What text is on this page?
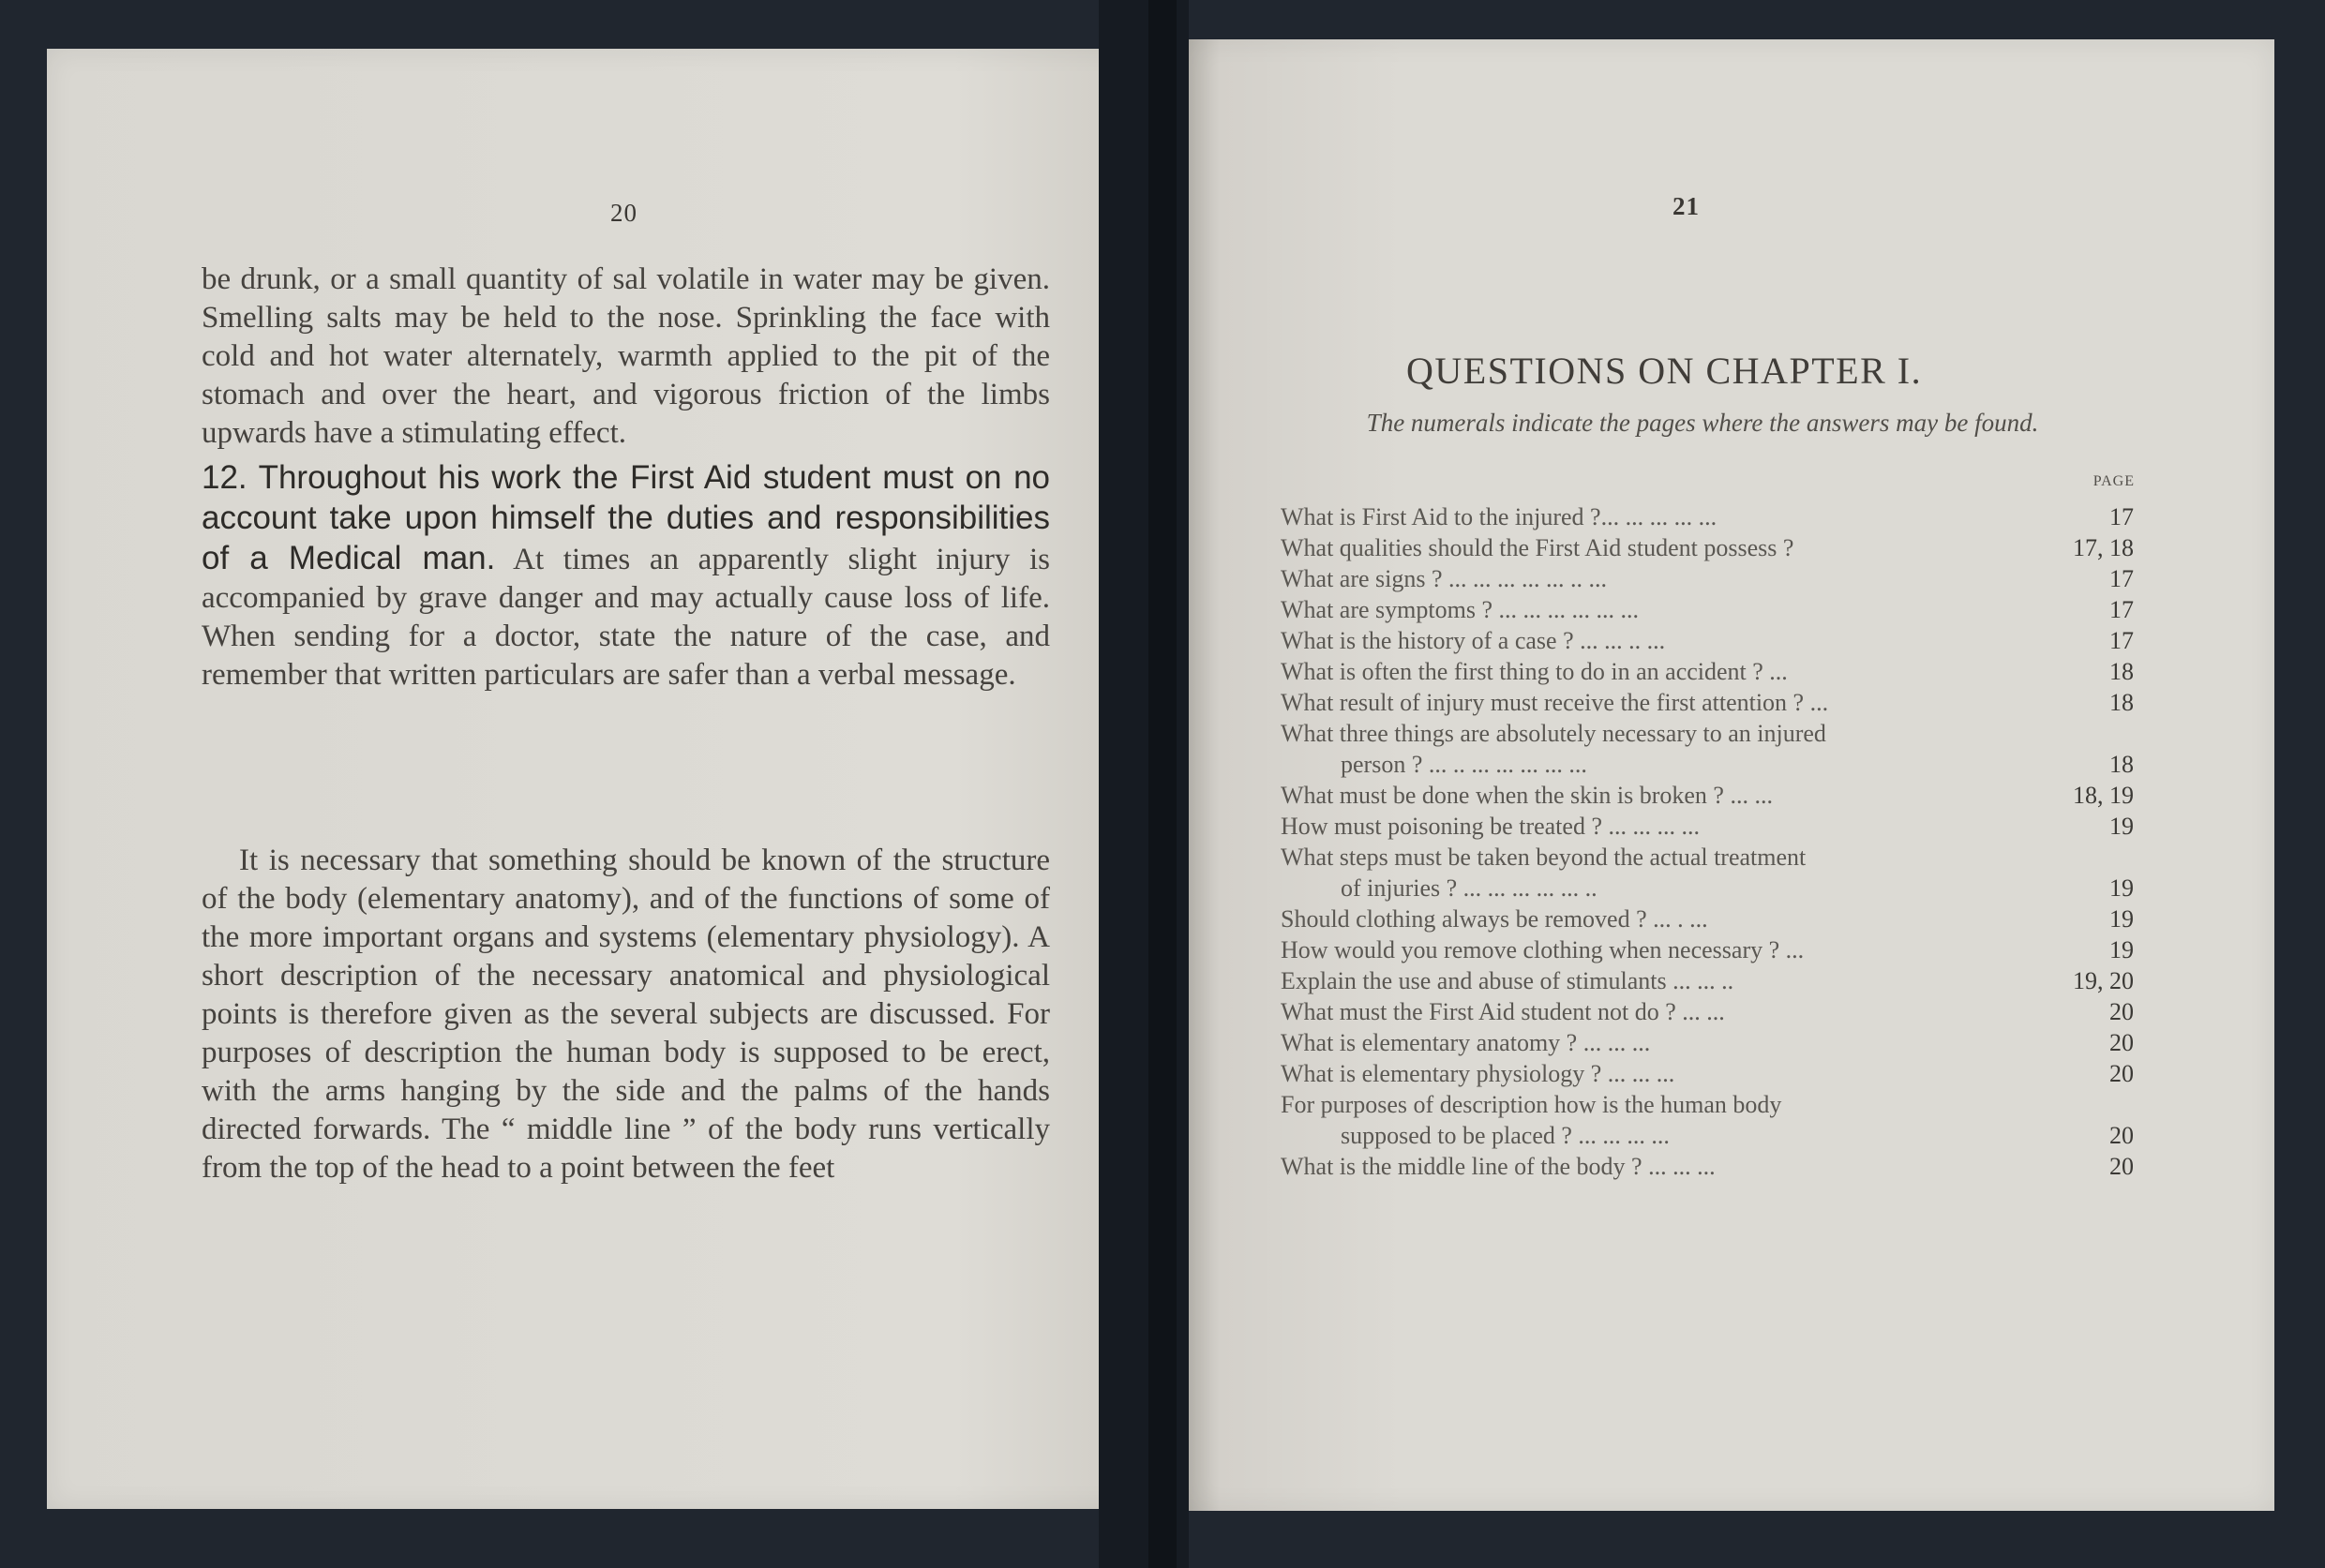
20

be drunk, or a small quantity of sal volatile in water may be given. Smelling salts may be held to the nose. Sprinkling the face with cold and hot water alternately, warmth applied to the pit of the stomach and over the heart, and vigorous friction of the limbs upwards have a stimulating effect.

12. Throughout his work the First Aid student must on no account take upon himself the duties and responsibilities of a Medical man. At times an apparently slight injury is accompanied by grave danger and may actually cause loss of life. When sending for a doctor, state the nature of the case, and remember that written particulars are safer than a verbal message.

It is necessary that something should be known of the structure of the body (elementary anatomy), and of the functions of some of the more important organs and systems (elementary physiology). A short description of the necessary anatomical and physiological points is therefore given as the several subjects are discussed. For purposes of description the human body is supposed to be erect, with the arms hanging by the side and the palms of the hands directed forwards. The “ middle line ” of the body runs vertically from the top of the head to a point between the feet

21
QUESTIONS ON CHAPTER I.
The numerals indicate the pages where the answers may be found.
PAGE
What is First Aid to the injured ?... ... ... ... ...	17
What qualities should the First Aid student possess ?	17, 18
What are signs ? ... ... ... ... ... .. ...	17
What are symptoms ? ... ... ... ... ... ...	17
What is the history of a case ? ... ... .. ...	17
What is often the first thing to do in an accident ? ...	18
What result of injury must receive the first attention ? ...	18
What three things are absolutely necessary to an injured
person ? ... .. ... ... ... ... ...	18
What must be done when the skin is broken ? ... ...	18, 19
How must poisoning be treated ? ... ... ... ...	19
What steps must be taken beyond the actual treatment
of injuries ? ... ... ... ... ... ..	19
Should clothing always be removed ? ... . ...	19
How would you remove clothing when necessary ? ...	19
Explain the use and abuse of stimulants ... ... ..	19, 20
What must the First Aid student not do ? ... ...	20
What is elementary anatomy ? ... ... ...	20
What is elementary physiology ? ... ... ...	20
For purposes of description how is the human body
supposed to be placed ? ... ... ... ...	20
What is the middle line of the body ? ... ... ...	20
